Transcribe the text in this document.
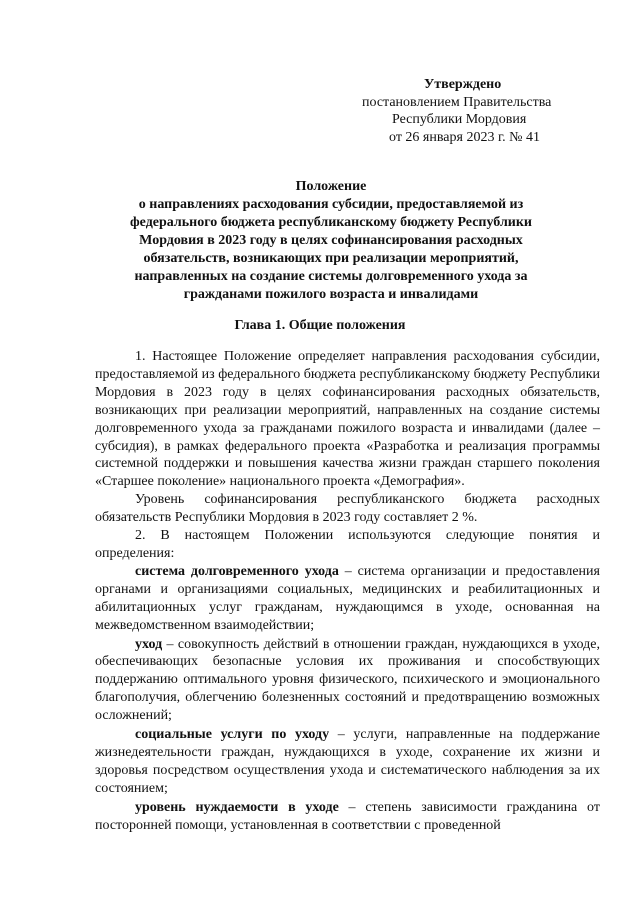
Утверждено
постановлением Правительства
Республики Мордовия
от 26 января 2023 г. № 41
Положение
о направлениях расходования субсидии, предоставляемой из федерального бюджета республиканскому бюджету Республики Мордовия в 2023 году в целях софинансирования расходных обязательств, возникающих при реализации мероприятий, направленных на создание системы долговременного ухода за гражданами пожилого возраста и инвалидами
Глава 1. Общие положения

1. Настоящее Положение определяет направления расходования субсидии, предоставляемой из федерального бюджета республиканскому бюджету Республики Мордовия в 2023 году в целях софинансирования расходных обязательств, возникающих при реализации мероприятий, направленных на создание системы долговременного ухода за гражданами пожилого возраста и инвалидами (далее – субсидия), в рамках федерального проекта «Разработка и реализация программы системной поддержки и повышения качества жизни граждан старшего поколения «Старшее поколение» национального проекта «Демография».

Уровень софинансирования республиканского бюджета расходных обязательств Республики Мордовия в 2023 году составляет 2 %.

2. В настоящем Положении используются следующие понятия и определения:

система долговременного ухода – система организации и предоставления органами и организациями социальных, медицинских и реабилитационных и абилитационных услуг гражданам, нуждающимся в уходе, основанная на межведомственном взаимодействии;

уход – совокупность действий в отношении граждан, нуждающихся в уходе, обеспечивающих безопасные условия их проживания и способствующих поддержанию оптимального уровня физического, психического и эмоционального благополучия, облегчению болезненных состояний и предотвращению возможных осложнений;

социальные услуги по уходу – услуги, направленные на поддержание жизнедеятельности граждан, нуждающихся в уходе, сохранение их жизни и здоровья посредством осуществления ухода и систематического наблюдения за их состоянием;

уровень нуждаемости в уходе – степень зависимости гражданина от посторонней помощи, установленная в соответствии с проведенной
